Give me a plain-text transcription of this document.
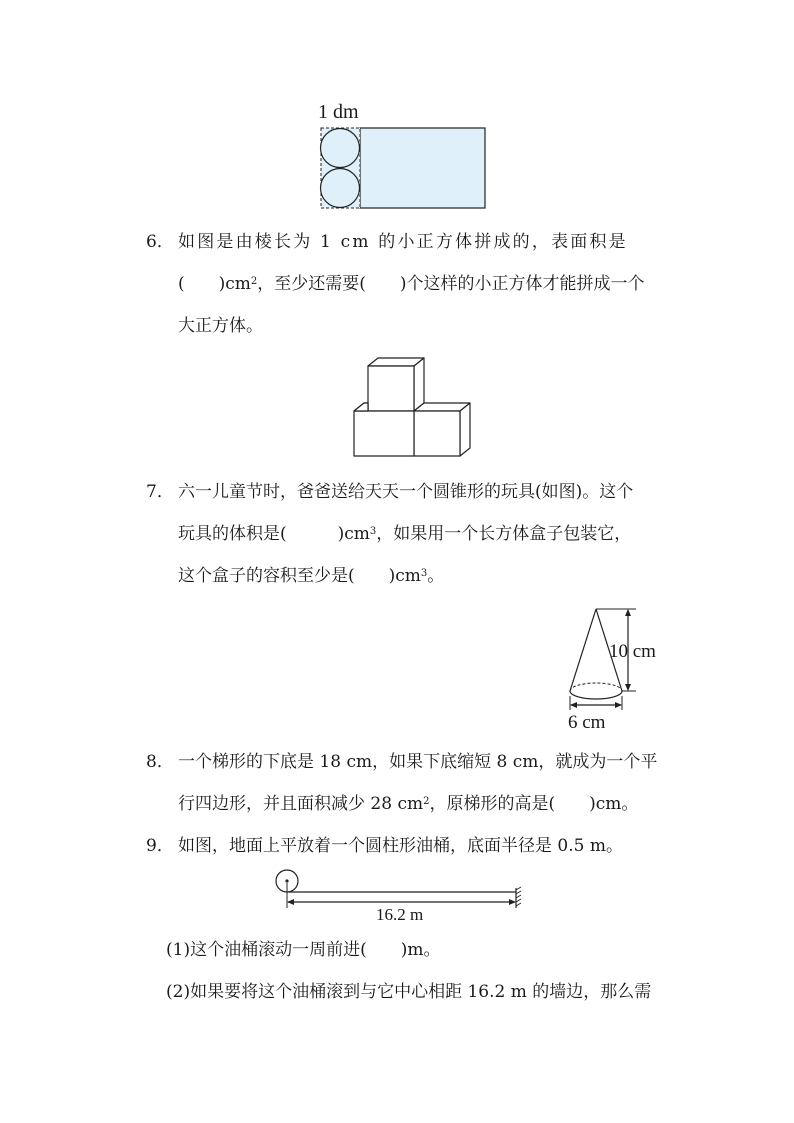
1 dm
6． 如图是由棱长为 1 cm 的小正方体拼成的，表面积是
(　　)$cm^2$，至少还需要(　　)个这样的小正方体才能拼成一个
大正方体。
7． 六一儿童节时，爸爸送给天天一个圆锥形的玩具(如图)。这个
玩具的体积是(　　　)$cm^3$，如果用一个长方体盒子包装它，
这个盒子的容积至少是(　　)$cm^3$。
10 cm
6 cm
8． 一个梯形的下底是 18 cm，如果下底缩短 8 cm，就成为一个平
行四边形，并且面积减少 28 $cm^2$，原梯形的高是(　　)cm。
9． 如图，地面上平放着一个圆柱形油桶，底面半径是 0.5 m。
16.2 m
(1)这个油桶滚动一周前进(　　)m。
(2)如果要将这个油桶滚到与它中心相距 16.2 m 的墙边，那么需
